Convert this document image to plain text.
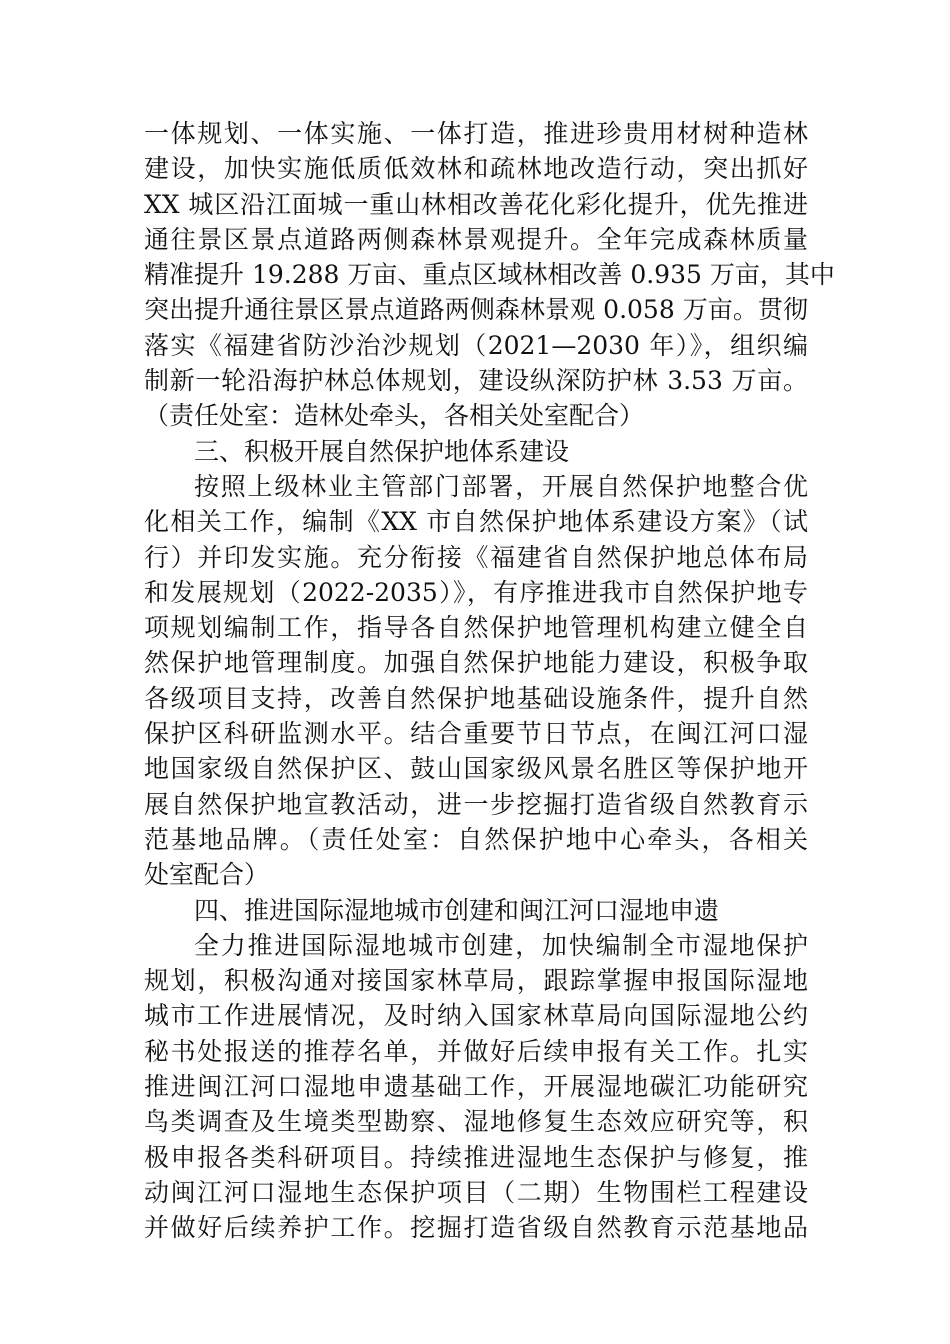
一体规划、一体实施、一体打造，推进珍贵用材树种造林
建设，加快实施低质低效林和疏林地改造行动，突出抓好
XX 城区沿江面城一重山林相改善花化彩化提升，优先推进
通往景区景点道路两侧森林景观提升。全年完成森林质量
精准提升 19.288 万亩、重点区域林相改善 0.935 万亩，其中
突出提升通往景区景点道路两侧森林景观 0.058 万亩。贯彻
落实《福建省防沙治沙规划（2021—2030 年）》，组织编
制新一轮沿海护林总体规划，建设纵深防护林 3.53 万亩。
（责任处室：造林处牵头，各相关处室配合）
三、积极开展自然保护地体系建设
按照上级林业主管部门部署，开展自然保护地整合优
化相关工作，编制《XX 市自然保护地体系建设方案》（试
行）并印发实施。充分衔接《福建省自然保护地总体布局
和发展规划（2022-2035）》，有序推进我市自然保护地专
项规划编制工作，指导各自然保护地管理机构建立健全自
然保护地管理制度。加强自然保护地能力建设，积极争取
各级项目支持，改善自然保护地基础设施条件，提升自然
保护区科研监测水平。结合重要节日节点，在闽江河口湿
地国家级自然保护区、鼓山国家级风景名胜区等保护地开
展自然保护地宣教活动，进一步挖掘打造省级自然教育示
范基地品牌。（责任处室：自然保护地中心牵头，各相关
处室配合）
四、推进国际湿地城市创建和闽江河口湿地申遗
全力推进国际湿地城市创建，加快编制全市湿地保护
规划，积极沟通对接国家林草局，跟踪掌握申报国际湿地
城市工作进展情况，及时纳入国家林草局向国际湿地公约
秘书处报送的推荐名单，并做好后续申报有关工作。扎实
推进闽江河口湿地申遗基础工作，开展湿地碳汇功能研究
鸟类调查及生境类型勘察、湿地修复生态效应研究等，积
极申报各类科研项目。持续推进湿地生态保护与修复，推
动闽江河口湿地生态保护项目（二期）生物围栏工程建设
并做好后续养护工作。挖掘打造省级自然教育示范基地品
